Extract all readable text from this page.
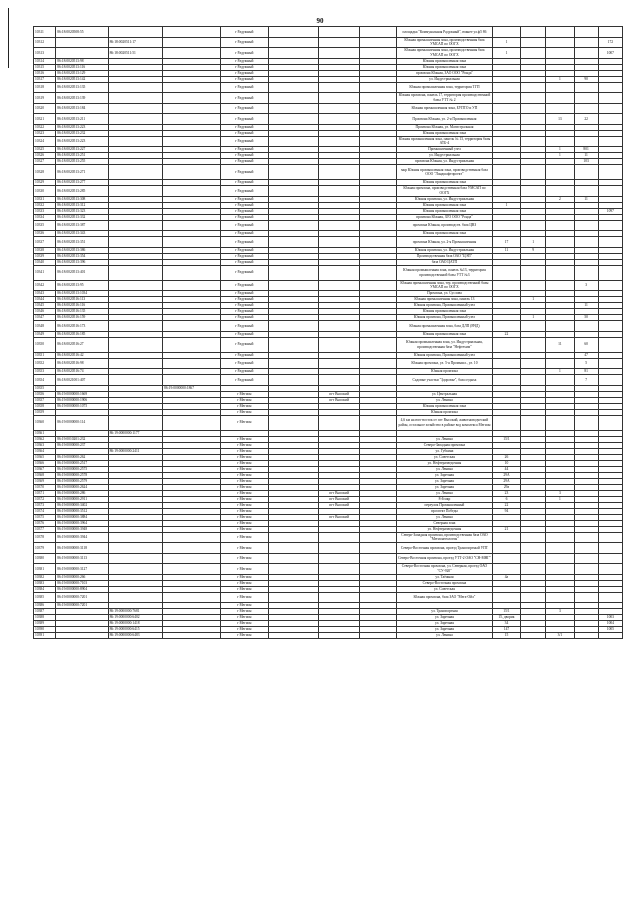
90
10311	86:18:0020508:55			г Радужный				площадка "Коммунальная Радужный", южнее ул.ф5 86					
10312		86:18:0020511:17		г Радужный				Южная промышленная зона, производственная база УМСАП по ООГХ	1				172
10313		86:18:0020511:51		г Радужный				Южная промышленная зона, производственная база УМСАП по ООГХ	1				1007
10314	86:18:0020513:98			г Радужный				Южная промышленная зона					
10315	86:18:0020513:116			г Радужный				Южная промышленная зона					
10316	86:18:0020513:129			г Радужный				промзона Южная, ЗАО ООО "Ронда"					
10317	86:18:0020513:142			г Радужный				ул. Индустриальная			1	90	
10318	86:18:0020513:135			г Радужный				Южная промышленная зона, территория ТГП					
10319	86:18:0020513:139			г Радужный				Южная промзона, панель 17, территория производственной базы УТТ № 2					
10320	86:18:0020513:184			г Радужный				Южная промышленная зона, БУПТО и УП					
10321	86:18:0020513:211			г Радужный				Промзона Южная, ул. 2-я Промышленная			13	22	
10322	86:18:0020513:223			г Радужный				Промзона Южная, ул. Магистральная					
10323	86:18:0020513:232			г Радужный				Южная промышленная зона					
10324	86:18:0020513:223			г Радужный				Южная промышленная зона, панель № 13, территория базы АТБ-4					
10325	86:18:0020513:227			г Радужный				Промышленный узел			1	801	
10326	86:18:0020513:251			г Радужный				ул. Индустриальная			1	11	
10327	86:18:0020513:255			г Радужный				промзона Южная, ул. Индустриальная				103	
10328	86:18:0020513:271			г Радужный				мкр Южная промышленная зона, производственная база ООО "Ландшафтпроект"					
10329	86:18:0020513:277			г Радужный				Южная промышленная зона					
10330	86:18:0020513:285			г Радужный				Южная промзона, производственная база УМСАП по ООГХ					
10331	86:18:0020513:308			г Радужный				Южная промзона, ул. Индустриальная			2	11	
10332	86:18:0020513:312			г Радужный				Южная промышленная зона	1				
10333	86:18:0020513:323			г Радужный				Южная промышленная зона					1097
10334	86:18:0020513:332			г Радужный				промзона Южная, ЗГО ООО "Ронда"					
10335	86:18:0020513:387			г Радужный				промзона Южная, производств. база ЦВЗ					
10336	86:18:0020513:343			г Радужный				Южная промышленная зона					
10337	86:18:0020513:351			г Радужный				промзона Южная, ул. 2-я Промышленная	17	1			
10338	86:18:0020513:386			г Радужный				Южная промзона, ул. Индустриальная	11	9			
10339	86:18:0020513:354			г Радужный				Производственная база ОАО "ЦЭП"					
10340	86:18:0020513:396			г Радужный				база ОАО ЦАТП					
10341	86:18:0020513:401			г Радужный				Южная промышленная зона, панель №13, территория производственной базы УТТ №3					
10342	86:18:0020513:95			г Радужный				Южная промышленная зона, тер. производственной базы УМСАП по ООГХ				3	
10343	86:18:0020513:1034			г Радужный				Промзона, ул. Суслова					
10344	86:18:0020516:113			г Радужный				Южная промышленная зона, панель 13		1			
10345	86:18:0020516:116			г Радужный				Южная промзона, Промышленный узел				11	
10346	86:18:0020516:135			г Радужный				Южная промышленная зона					
10347	86:18:0020516:159			г Радужный				Южная промзона, Промышленный узел		1		50	
10348	86:18:0020516:173			г Радужный				Южная промышленная зона, база ДЛП (ВЧД)					
10349	86:18:0020516:185			г Радужный				Южная промышленная зона	22				
10350	86:18:0020516:27			г Радужный				Южная промышленная зона, ул. Индустриальная, производственная база "Нефтехим"			11	60	
10351	86:18:0020516:42			г Радужный				Южная промзона, Промышленный узел				47	
10352	86:18:0020516:98			г Радужный				Южная промзона, ул. 5-я Промышл., ул. 10				5	
10353	86:18:0020516:74			г Радужный				Южная промзона			1	81	
10354	86:18:0021001:407			г Радужный				Садовые участки "Здоровье", база отдыха				7	
10355			86:19:0000000:1867										
10356	86:19:0000000:1669			г Мегион		пгт Высокий		ул. Центральная					
10357	86:19:0000000:1906			г Мегион		пгт Высокий		ул. Ленина					
10358	86:19:0000000:1075			г Мегион				Южная промышленная зона					
10359				г Мегион				Южная промзона					
10360	86:19:0000000:114			г Мегион				4,6 км на юго-восток от пгт Высокий, животноводческий район, остальное хозяйство в районе вод комплекса Мегион					
10361		86:19:0000000:1177											
10362	86:19:0010201:232			г Мегион				ул. Ленина	15/1				
10363	86:19:0000000:237			г Мегион				Северо-Западная промзона					
10364		86:19:0000000:2411		г Мегион				ул. Губкина					
10365	86:19:0000000:262			г Мегион				ул. Советская	26				
10366	86:19:0000000:2517			г Мегион				ул. Нефтеразведочная	10				
10367	86:19:0000000:2575			г Мегион				ул. Ленина	44				
10368	86:19:0000000:2578			г Мегион				ул. Заречная	29А				
10369	86:19:0000000:2579			г Мегион				ул. Заречная	29А				
10370	86:19:0000000:2624			г Мегион				ул. Заречная	29а				
10371	86:19:0000000:286			г Мегион		пгт Высокий		ул. Ленина	23		3		
10372	86:19:0000000:2911			г Мегион		пгт Высокий		8-й мкр	6		1		
10373	86:19:0000000:3402			г Мегион		пгт Высокий		переулок Промышленный	22				
10374	86:19:0000000:3512			г Мегион				проспект Победы	94				
10375	86:19:0000000:3884			г Мегион		пгт Высокий		ул. Ленина					
10376	86:19:0000000:3964			г Мегион				Северная зона					
10377	86:19:0000000:3948			г Мегион				ул. Нефтеразведочная	21				
10378	86:19:0000000:3944			г Мегион				Северо-Западная промзона, производственная база ОАО "Мегионгеология"					
10379	86:19:0000000:3118			г Мегион				Северо-Восточная промзона, проезд Транспортный УПТ					
10380	86:19:0000000:3113			г Мегион				Северо-Восточная промзона, проезд УТТ-2 ОАО "СН-МНГ"					
10381	86:19:0000000:3127			г Мегион				Северо-Восточная промзона, ул. Северная, проезд ОАО "СУ-920"					
10382	86:19:0000000:266			г Мегион				ул. Таёжная	4а				
10383	86:19:0000000:7103			г Мегион				Северо-Восточная промзона					
10384	86:19:0000000:8904			г Мегион				ул. Советская					
10385	86:19:0000000:7201			г Мегион				Южная промзона, база ЗАО "Мега-Ойл"					
10386	86:19:0000000:7201			г Мегион									
10387		86:19:0000000:7681		г Мегион				ул. Транспортная	15/1		3		
10388		86:19:0000000:6402		г Мегион				ул. Заречная	15, дворик				1003
10389		86:19:0000000:1418		г Мегион				ул. Заречная	34				1004
10390		86:19:0000000:6415		г Мегион				ул. Заречная	147				1005
10391		86:19:0000000:6483		г Мегион				ул. Ленина	15		3/1		
